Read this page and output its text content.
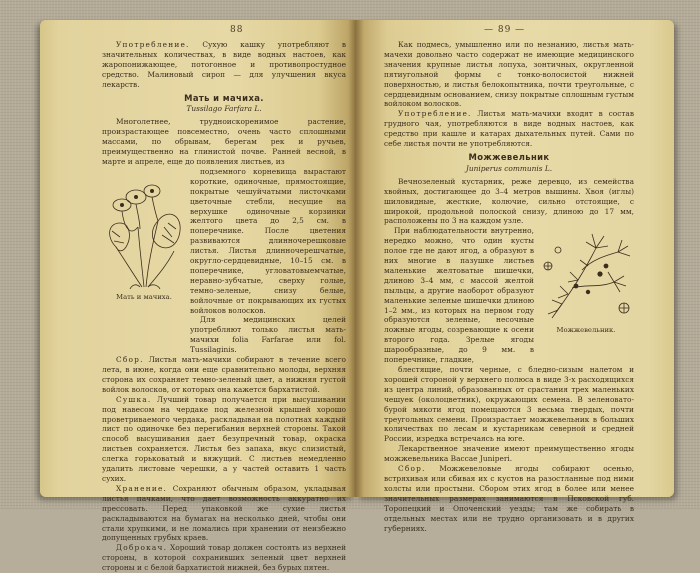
88

Употребление. Сухую кашку употребляют в значительных количествах, в виде водных настоев, как жаропонижающее, потогонное и противопростудное средство. Малиновый сироп — для улучшения вкуса лекарств.

Мать и мачиха.
Tussilago Farfara L.

Многолетнее, трудноискоренимое растение, произрастающее повсеместно, очень часто сплошными массами, по обрывам, берегам рек и ручьев, преимущественно на глинистой почве. Ранней весной, в марте и апреле, еще до появления листьев, из

Мать и мачиха.

подземного корневища вырастают короткие, одиночные, прямостоящие, покрытые чешуйчатыми листочками цветочные стебли, несущие на верхушке одиночные корзинки желтого цвета до 2,5 см. в поперечнике. После цветения развиваются длинночерешковые листья. Листья длинночерешчатые, округло-сердцевидные, 10–15 см. в поперечнике, угловатовыемчатые, неравно-зубчатые, сверху голые, темно-зеленые, снизу белые, войлочные от покрывающих их густых войлоков волосков.

Для медицинских целей употребляют только листья мать-мачихи folia Farfarae или fol. Tussilaginis.

Сбор. Листья мать-мачихи собирают в течение всего лета, в июне, когда они еще сравнительно молоды, верхняя сторона их сохраняет темно-зеленый цвет, а нижняя густой войлок волосков, от которых она кажется бархатистой.

Сушка. Лучший товар получается при высушивании под навесом на чердаке под железной крышей хорошо проветриваемого чердака, раскладывая на полотнах каждый лист по одиночке без перегибания верхней стороны. Такой способ высушивания дает безупречный товар, окраска листьев сохраняется. Листья без запаха, вкус слизистый, слегка горьковатый и вяжущий. С листьев немедленно удалить листовые черешки, а у частей оставить 1 часть сухих.

Хранение. Сохраняют обычным образом, укладывая листья пачками, что дает возможность аккуратно их прессовать. Перед упаковкой же сухие листья раскладываются на бумагах на несколько дней, чтобы они стали хрупкими, и не ломались при хранении от неизбежно допущенных грубых краев.

Доброкач. Хороший товар должен состоять из верхней стороны, в которой сохранивших зеленый цвет верхней стороны и с белой бархатистой нижней, без бурых пятен.

— 89 —

Как подмесь, умышленно или по незнанию, листья мать-мачехи довольно часто содержат не имеющие медицинского значения крупные листья лопуха, зонтичных, округленной пятиугольной формы с тонко-волосистой нижней поверхностью, и листья белокопытника, почти треугольные, с сердцевидным основанием, снизу покрытые сплошным густым войлоком волосков.

Употребление. Листья мать-мачихи входят в состав грудного чая, употребляются в виде водных настоев, как средство при кашле и катарах дыхательных путей. Сами по себе листья почти не употребляются.

Можжевельник
Juniperus communis L.

Вечнозеленый кустарник, реже деревцо, из семейства хвойных, достигающее до 3–4 метров вышины. Хвоя (иглы) шиловидные, жесткие, колючие, сильно отстоящие, с широкой, продольной полоской снизу, длиною до 17 мм, расположены по 3 на каждом узле.

При наблюдательности внутренно, нередко можно, что один кусты полое где не дают ягод, а образуют в них многие в пазушке листьев маленькие желтоватые шишечки, длиною 3–4 мм, с массой желтой пыльцы, а другие наоборот образуют маленькие зеленые шишечки длиною 1–2 мм., из которых на первом году образуются зеленые, несочные ложные ягоды, созревающие к осени второго года. Зрелые ягоды шарообразные, до 9 мм. в поперечнике, гладкие,

Можжевельник.

блестящие, почти черные, с бледно-сизым налетом и хорошей стороной у верхнего полюса в виде 3-х расходящихся из центра линий, образованных от срастания трех маленьких чешуек (околоцветник), окружающих семена. В зеленовато-бурой мякоти ягод помещаются 3 весьма твердых, почти треугольных семени. Произрастает можжевельник в больших количествах по лесам и кустарникам северной и средней России, изредка встречаясь на юге.

Лекарственное значение имеют преимущественно ягоды можжевельника Baccae Juniperi.

Сбор. Можжевеловые ягоды собирают осенью, встряхивая или сбивая их с кустов на разостланные под ними холсты или простыни. Сбором этих ягод в более или менее значительных размерах занимаются в Псковской губ. Торопецкий и Опоченский уезды; там же собирать в отдельных местах или не трудно организовать и в других губерниях.
